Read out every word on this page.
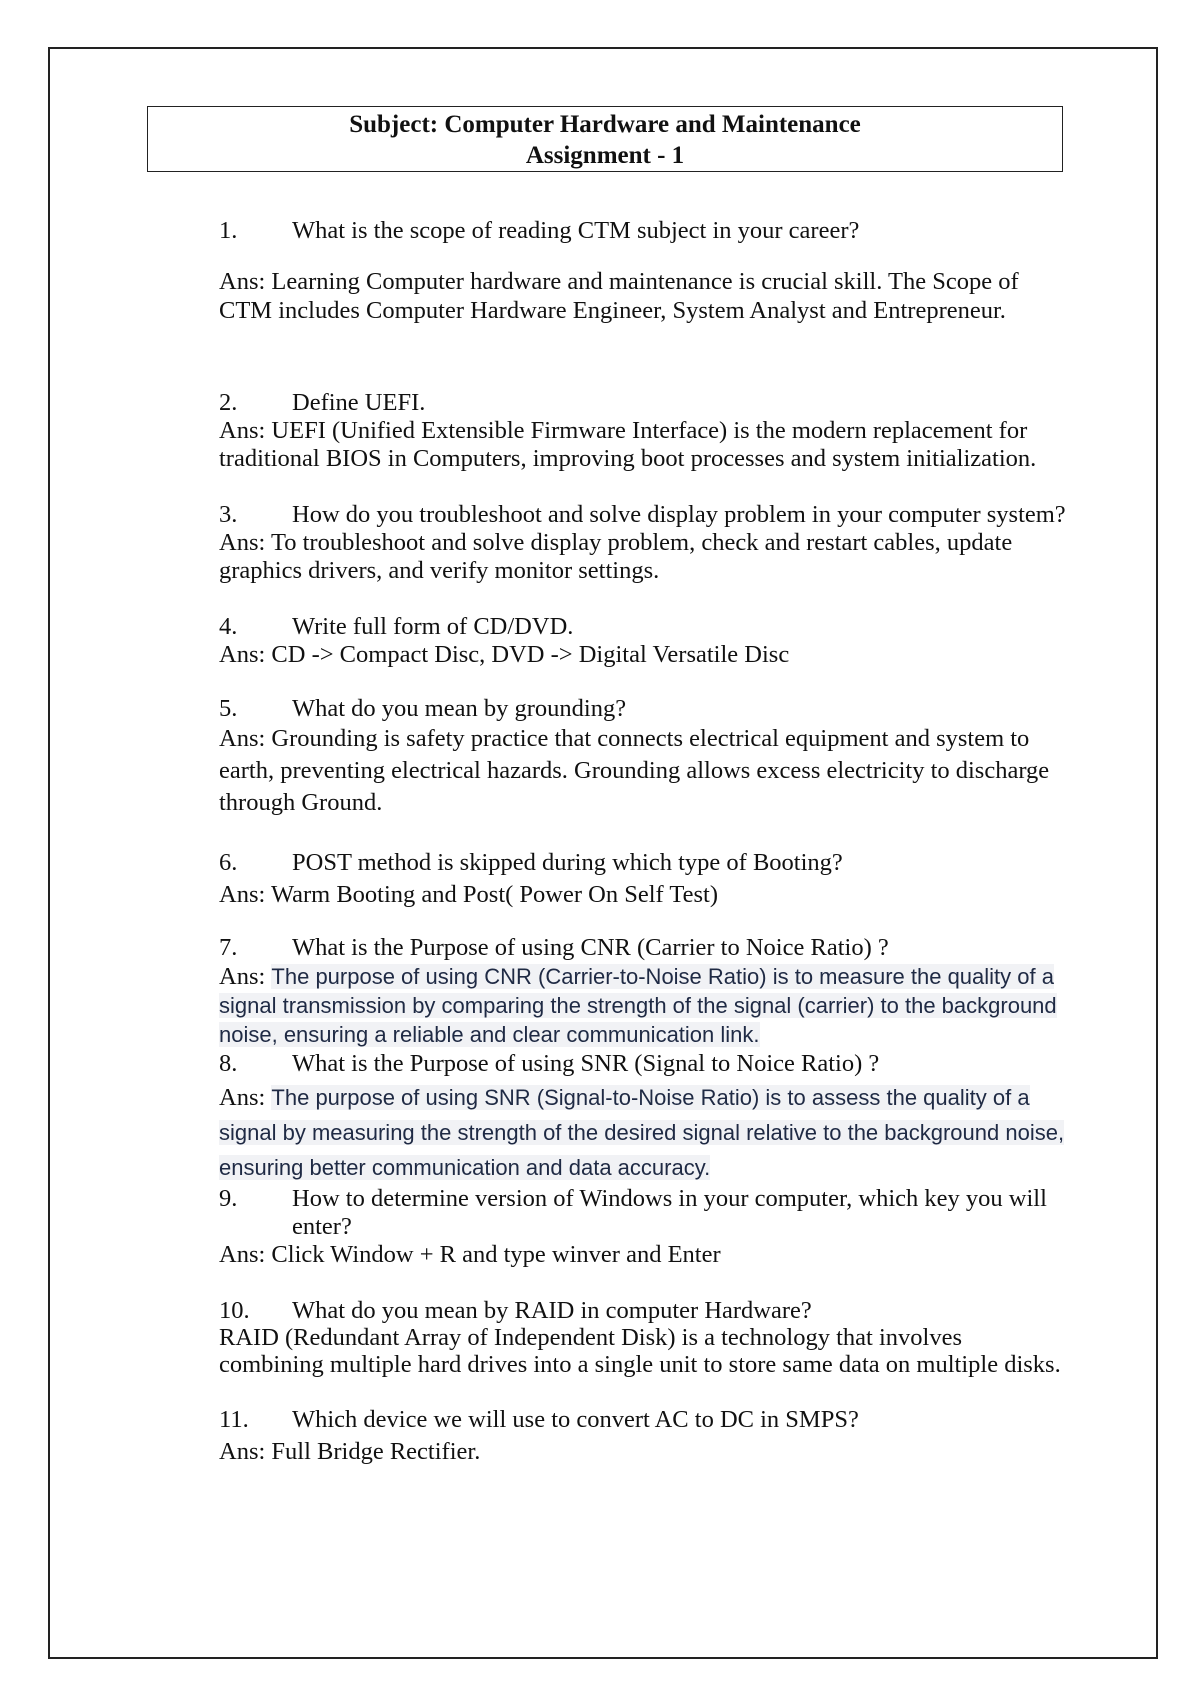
Subject: Computer Hardware and Maintenance
Assignment - 1
1.	What is the scope of reading CTM subject in your career?
Ans: Learning Computer hardware and maintenance is crucial skill. The Scope of CTM includes Computer Hardware Engineer, System Analyst and Entrepreneur.
2.	Define UEFI.
Ans: UEFI (Unified Extensible Firmware Interface) is the modern replacement for traditional BIOS in Computers, improving boot processes and system initialization.
3.	How do you troubleshoot and solve display problem in your computer system?
Ans: To troubleshoot and solve display problem, check and restart cables, update graphics drivers, and verify monitor settings.
4.	Write full form of CD/DVD.
Ans: CD -> Compact Disc, DVD -> Digital Versatile Disc
5.	What do you mean by grounding?
Ans: Grounding is safety practice that connects electrical equipment and system to earth, preventing electrical hazards. Grounding allows excess electricity to discharge through Ground.
6.	POST method is skipped during which type of Booting?
Ans: Warm Booting and Post( Power On Self Test)
7.	What is the Purpose of using CNR (Carrier to Noice Ratio) ?
Ans: The purpose of using CNR (Carrier-to-Noise Ratio) is to measure the quality of a signal transmission by comparing the strength of the signal (carrier) to the background noise, ensuring a reliable and clear communication link.
8.	What is the Purpose of using SNR (Signal to Noice Ratio) ?
Ans: The purpose of using SNR (Signal-to-Noise Ratio) is to assess the quality of a signal by measuring the strength of the desired signal relative to the background noise, ensuring better communication and data accuracy.
9.	How to determine version of Windows in your computer, which key you will enter?
Ans: Click Window + R and type winver and Enter
10.	What do you mean by RAID in computer Hardware?
RAID (Redundant Array of Independent Disk) is a technology that involves combining multiple hard drives into a single unit to store same data on multiple disks.
11.	Which device we will use to convert AC to DC in SMPS?
Ans: Full Bridge Rectifier.
